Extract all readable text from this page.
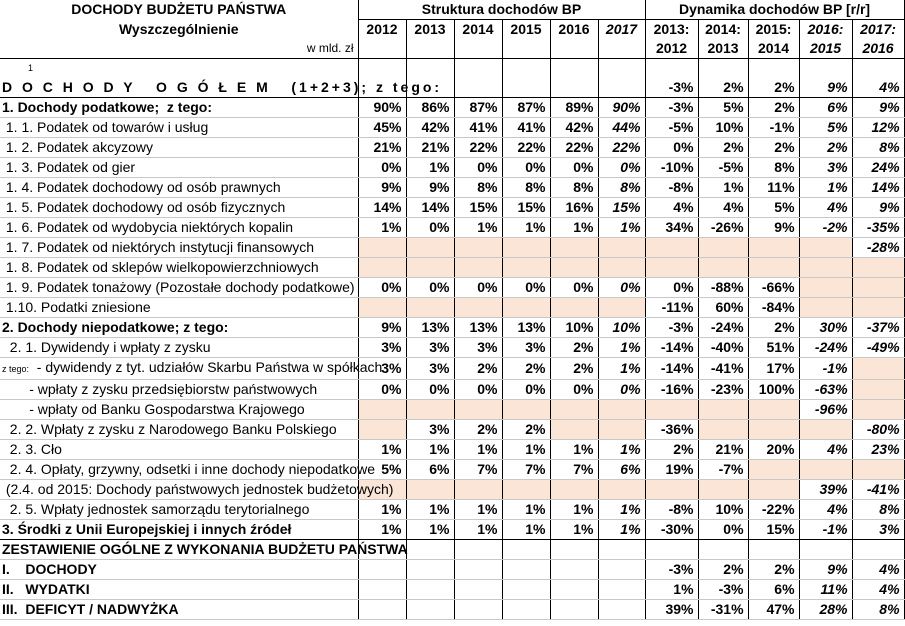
DOCHODY BUDŻETU PAŃSTWA	Struktura dochodów BP						Dynamika dochodów BP [r/r]				
Wyszczególnienie	2012	2013	2014	2015	2016	2017	2013:	2014:	2015:	2016:	2017:
w mld. zł							2012	2013	2014	2015	2016
1											
D O C H O D Y   O G Ó Ł E M   (1+2+3); z tego:							-3%	2%	2%	9%	4%
1. Dochody podatkowe;  z tego:	90%	86%	87%	87%	89%	90%	-3%	5%	2%	6%	9%
1. 1. Podatek od towarów i usług	45%	42%	41%	41%	42%	44%	-5%	10%	-1%	5%	12%
1. 2. Podatek akcyzowy	21%	21%	22%	22%	22%	22%	0%	2%	2%	2%	8%
1. 3. Podatek od gier	0%	1%	0%	0%	0%	0%	-10%	-5%	8%	3%	24%
1. 4. Podatek dochodowy od osób prawnych	9%	9%	8%	8%	8%	8%	-8%	1%	11%	1%	14%
1. 5. Podatek dochodowy od osób fizycznych	14%	14%	15%	15%	16%	15%	4%	4%	5%	4%	9%
1. 6. Podatek od wydobycia niektórych kopalin	1%	0%	1%	1%	1%	1%	34%	-26%	9%	-2%	-35%
1. 7. Podatek od niektórych instytucji finansowych											-28%
1. 8. Podatek od sklepów wielkopowierzchniowych											
1. 9. Podatek tonażowy (Pozostałe dochody podatkowe)	0%	0%	0%	0%	0%	0%	0%	-88%	-66%		
1.10. Podatki zniesione							-11%	60%	-84%		
2. Dochody niepodatkowe; z tego:	9%	13%	13%	13%	10%	10%	-3%	-24%	2%	30%	-37%
2. 1. Dywidendy i wpłaty z zysku	3%	3%	3%	3%	2%	1%	-14%	-40%	51%	-24%	-49%
z tego:  - dywidendy z tyt. udziałów Skarbu Państwa w spółkach	3%	3%	2%	2%	2%	1%	-14%	-41%	17%	-1%	
- wpłaty z zysku przedsiębiorstw państwowych	0%	0%	0%	0%	0%	0%	-16%	-23%	100%	-63%	
- wpłaty od Banku Gospodarstwa Krajowego										-96%	
2. 2. Wpłaty z zysku z Narodowego Banku Polskiego		3%	2%	2%			-36%				-80%
2. 3. Cło	1%	1%	1%	1%	1%	1%	2%	21%	20%	4%	23%
2. 4. Opłaty, grzywny, odsetki i inne dochody niepodatkowe	5%	6%	7%	7%	7%	6%	19%	-7%			
(2.4. od 2015: Dochody państwowych jednostek budżetowych)										39%	-41%
2. 5. Wpłaty jednostek samorządu terytorialnego	1%	1%	1%	1%	1%	1%	-8%	10%	-22%	4%	8%
3. Środki z Unii Europejskiej i innych źródeł	1%	1%	1%	1%	1%	1%	-30%	0%	15%	-1%	3%
ZESTAWIENIE OGÓLNE Z WYKONANIA BUDŻETU PAŃSTWA											
I.    DOCHODY							-3%	2%	2%	9%	4%
II.   WYDATKI							1%	-3%	6%	11%	4%
III.  DEFICYT / NADWYŻKA							39%	-31%	47%	28%	8%
